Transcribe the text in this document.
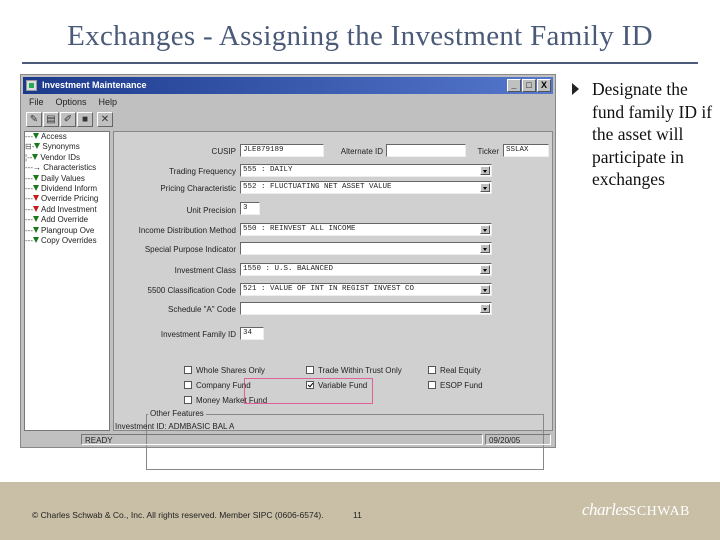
Exchanges - Assigning the Investment Family ID
Designate the fund family ID if the asset will participate in exchanges
Investment Maintenance	_ □ X
File Options Help
✎ ▤ ✐ ■	✕
--- Access
⊟- Synonyms
¦-- Vendor IDs
---→ Characteristics
--- Daily Values
--- Dividend Inform
--- Override Pricing
--- Add Investment
--- Add Override
--- Plangroup Ove
--- Copy Overrides
CUSIP JLE879189	Alternate ID	Ticker SSLAX
Trading Frequency 555 : DAILY
Pricing Characteristic 552 : FLUCTUATING NET ASSET VALUE
Unit Precision 3
Income Distribution Method 550 : REINVEST ALL INCOME
Special Purpose Indicator
Investment Class 1550 : U.S. BALANCED
5500 Classification Code 521 : VALUE OF INT IN REGIST INVEST CO
Schedule "A" Code
Investment Family ID 34
Other Features
Whole Shares Only	Trade Within Trust Only	Real Equity
Company Fund	Variable Fund	ESOP Fund
Money Market Fund
Investment ID: ADMBASIC BAL A
READY	09/20/05
© Charles Schwab & Co., Inc. All rights reserved. Member SIPC (0606-6574).	11	charlesSCHWAB
